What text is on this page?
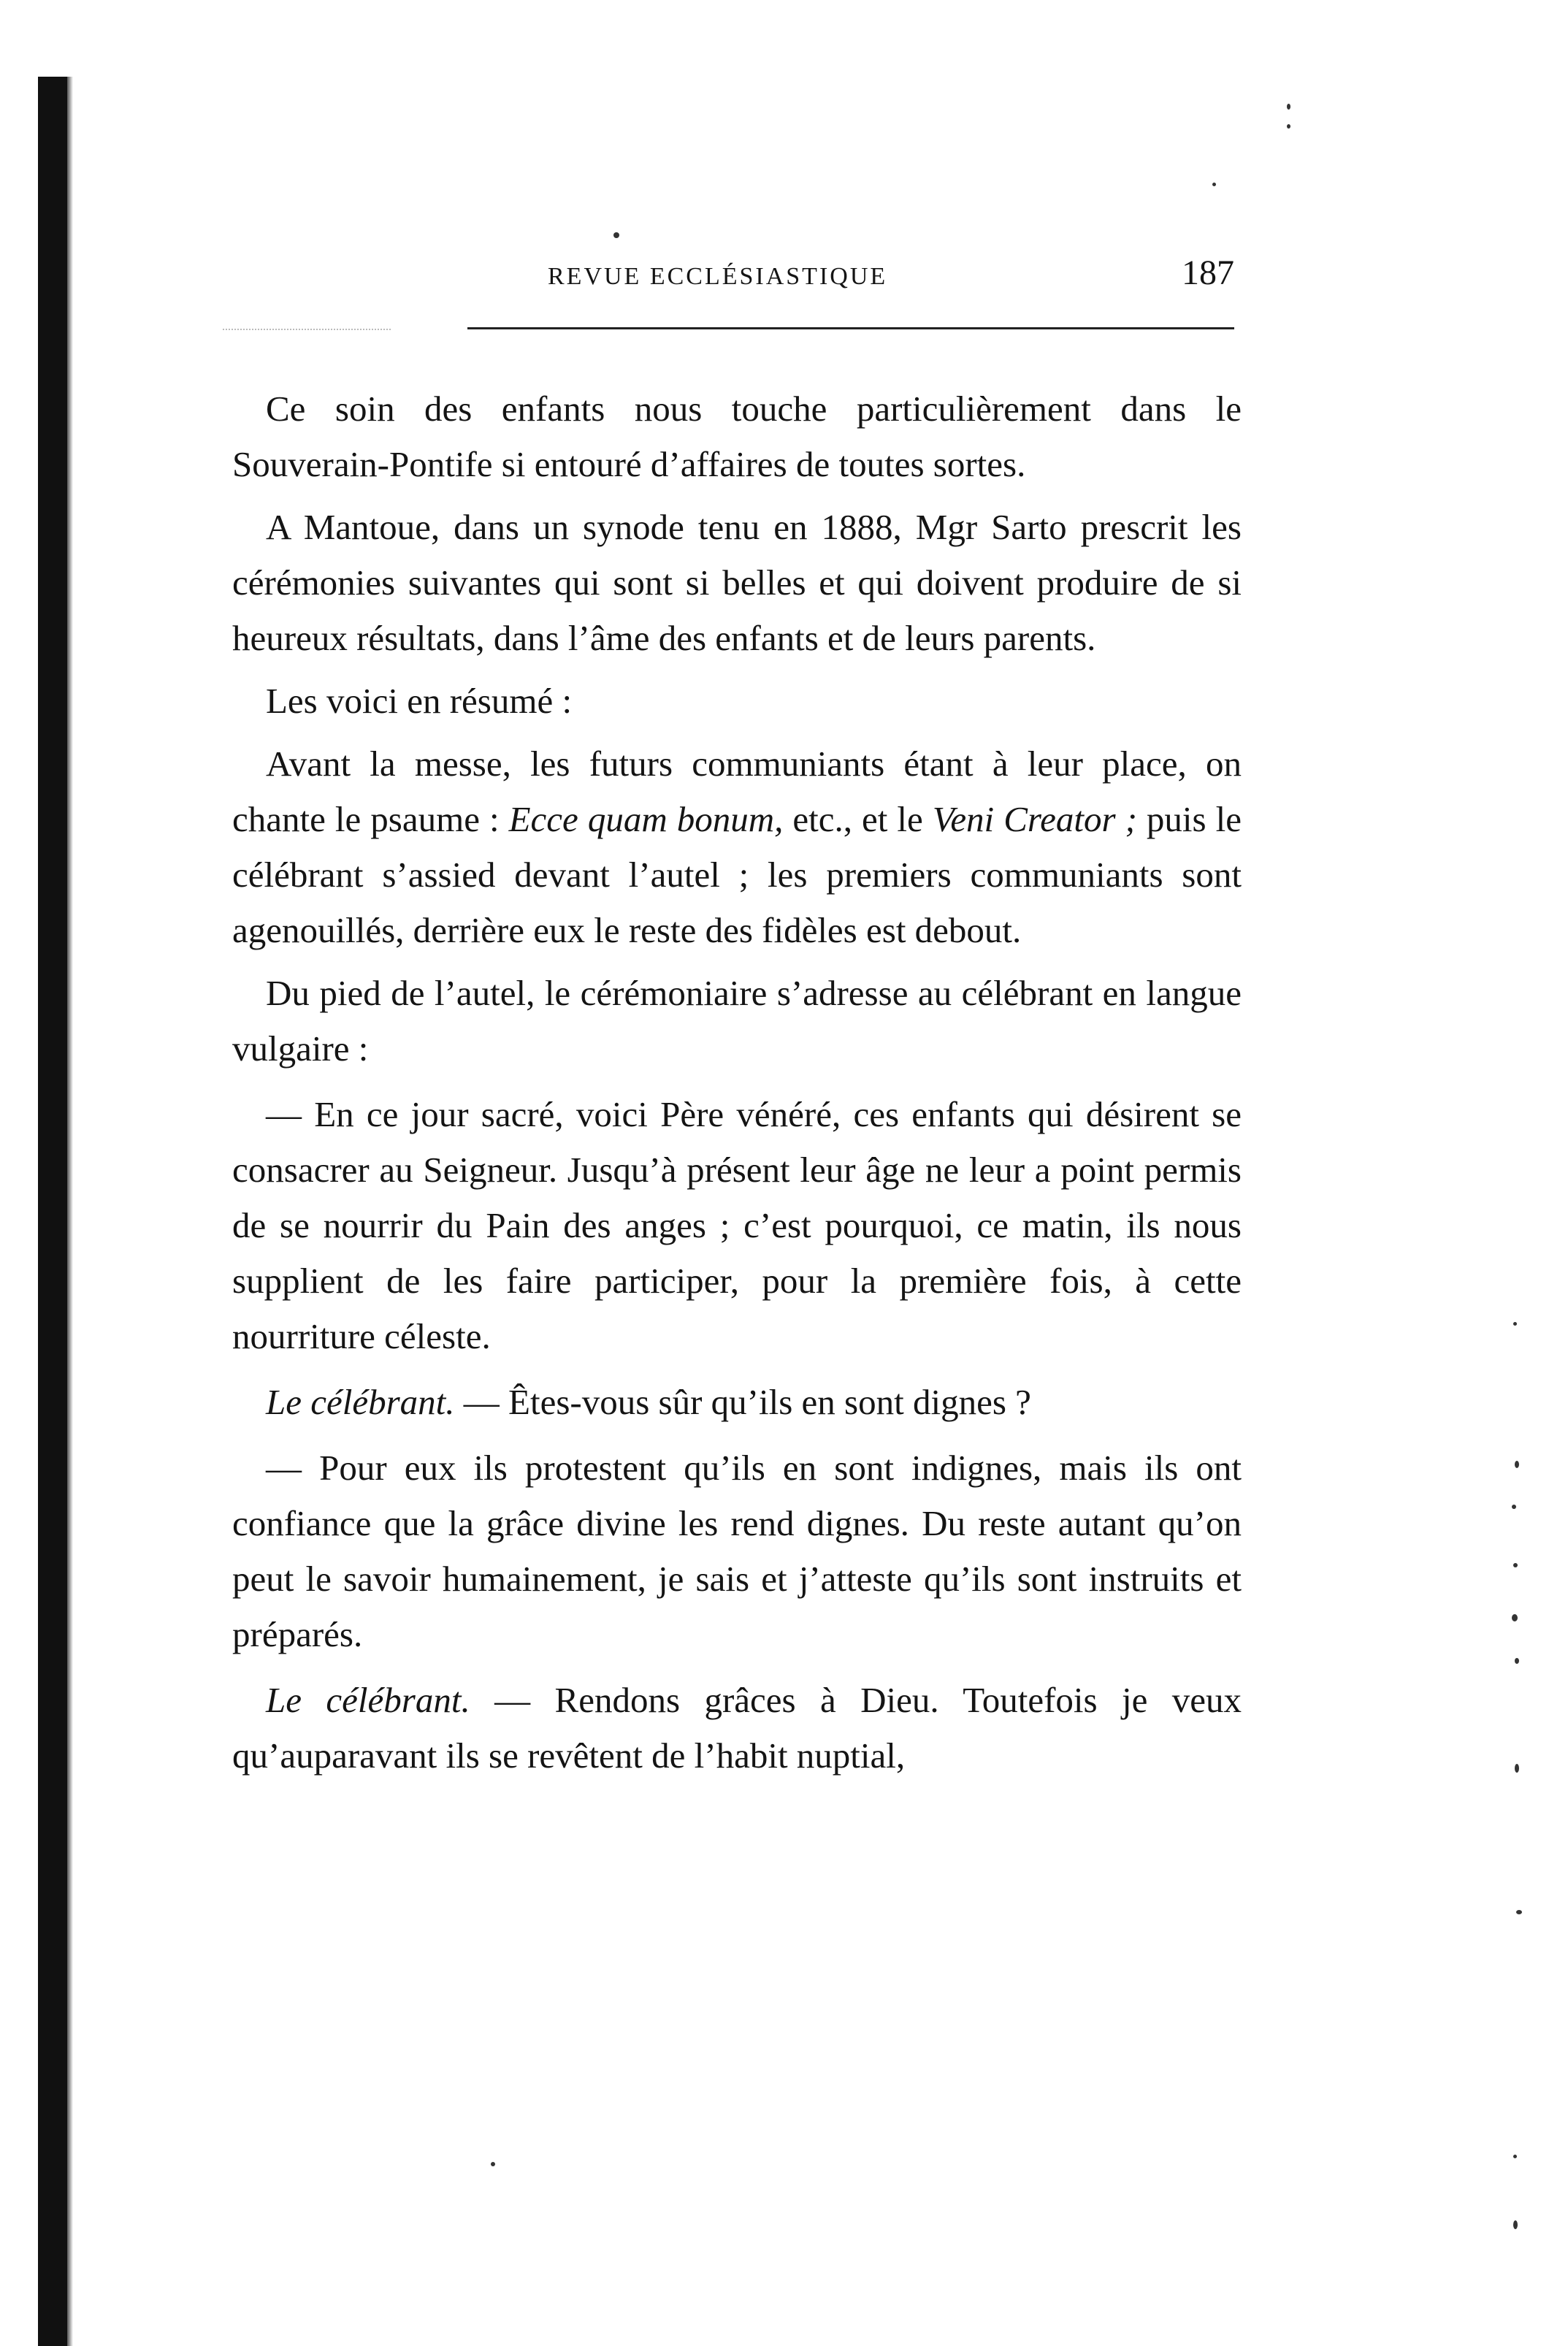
REVUE ECCLÉSIASTIQUE	187

Ce soin des enfants nous touche particulièrement dans le Souverain-Pontife si entouré d’affaires de toutes sortes.

A Mantoue, dans un synode tenu en 1888, Mgr Sarto prescrit les cérémonies suivantes qui sont si belles et qui doivent produire de si heureux résultats, dans l’âme des enfants et de leurs parents.

Les voici en résumé :

Avant la messe, les futurs communiants étant à leur place, on chante le psaume : Ecce quam bonum, etc., et le Veni Creator ; puis le célébrant s’assied devant l’autel ; les premiers communiants sont agenouillés, derrière eux le reste des fidèles est debout.

Du pied de l’autel, le cérémoniaire s’adresse au célébrant en langue vulgaire :

— En ce jour sacré, voici Père vénéré, ces enfants qui désirent se consacrer au Seigneur. Jusqu’à présent leur âge ne leur a point permis de se nourrir du Pain des anges ; c’est pourquoi, ce matin, ils nous supplient de les faire participer, pour la première fois, à cette nourriture céleste.

Le célébrant. — Êtes-vous sûr qu’ils en sont dignes ?

— Pour eux ils protestent qu’ils en sont indignes, mais ils ont confiance que la grâce divine les rend dignes. Du reste autant qu’on peut le savoir humainement, je sais et j’atteste qu’ils sont instruits et préparés.

Le célébrant. — Rendons grâces à Dieu. Toutefois je veux qu’auparavant ils se revêtent de l’habit nuptial,
